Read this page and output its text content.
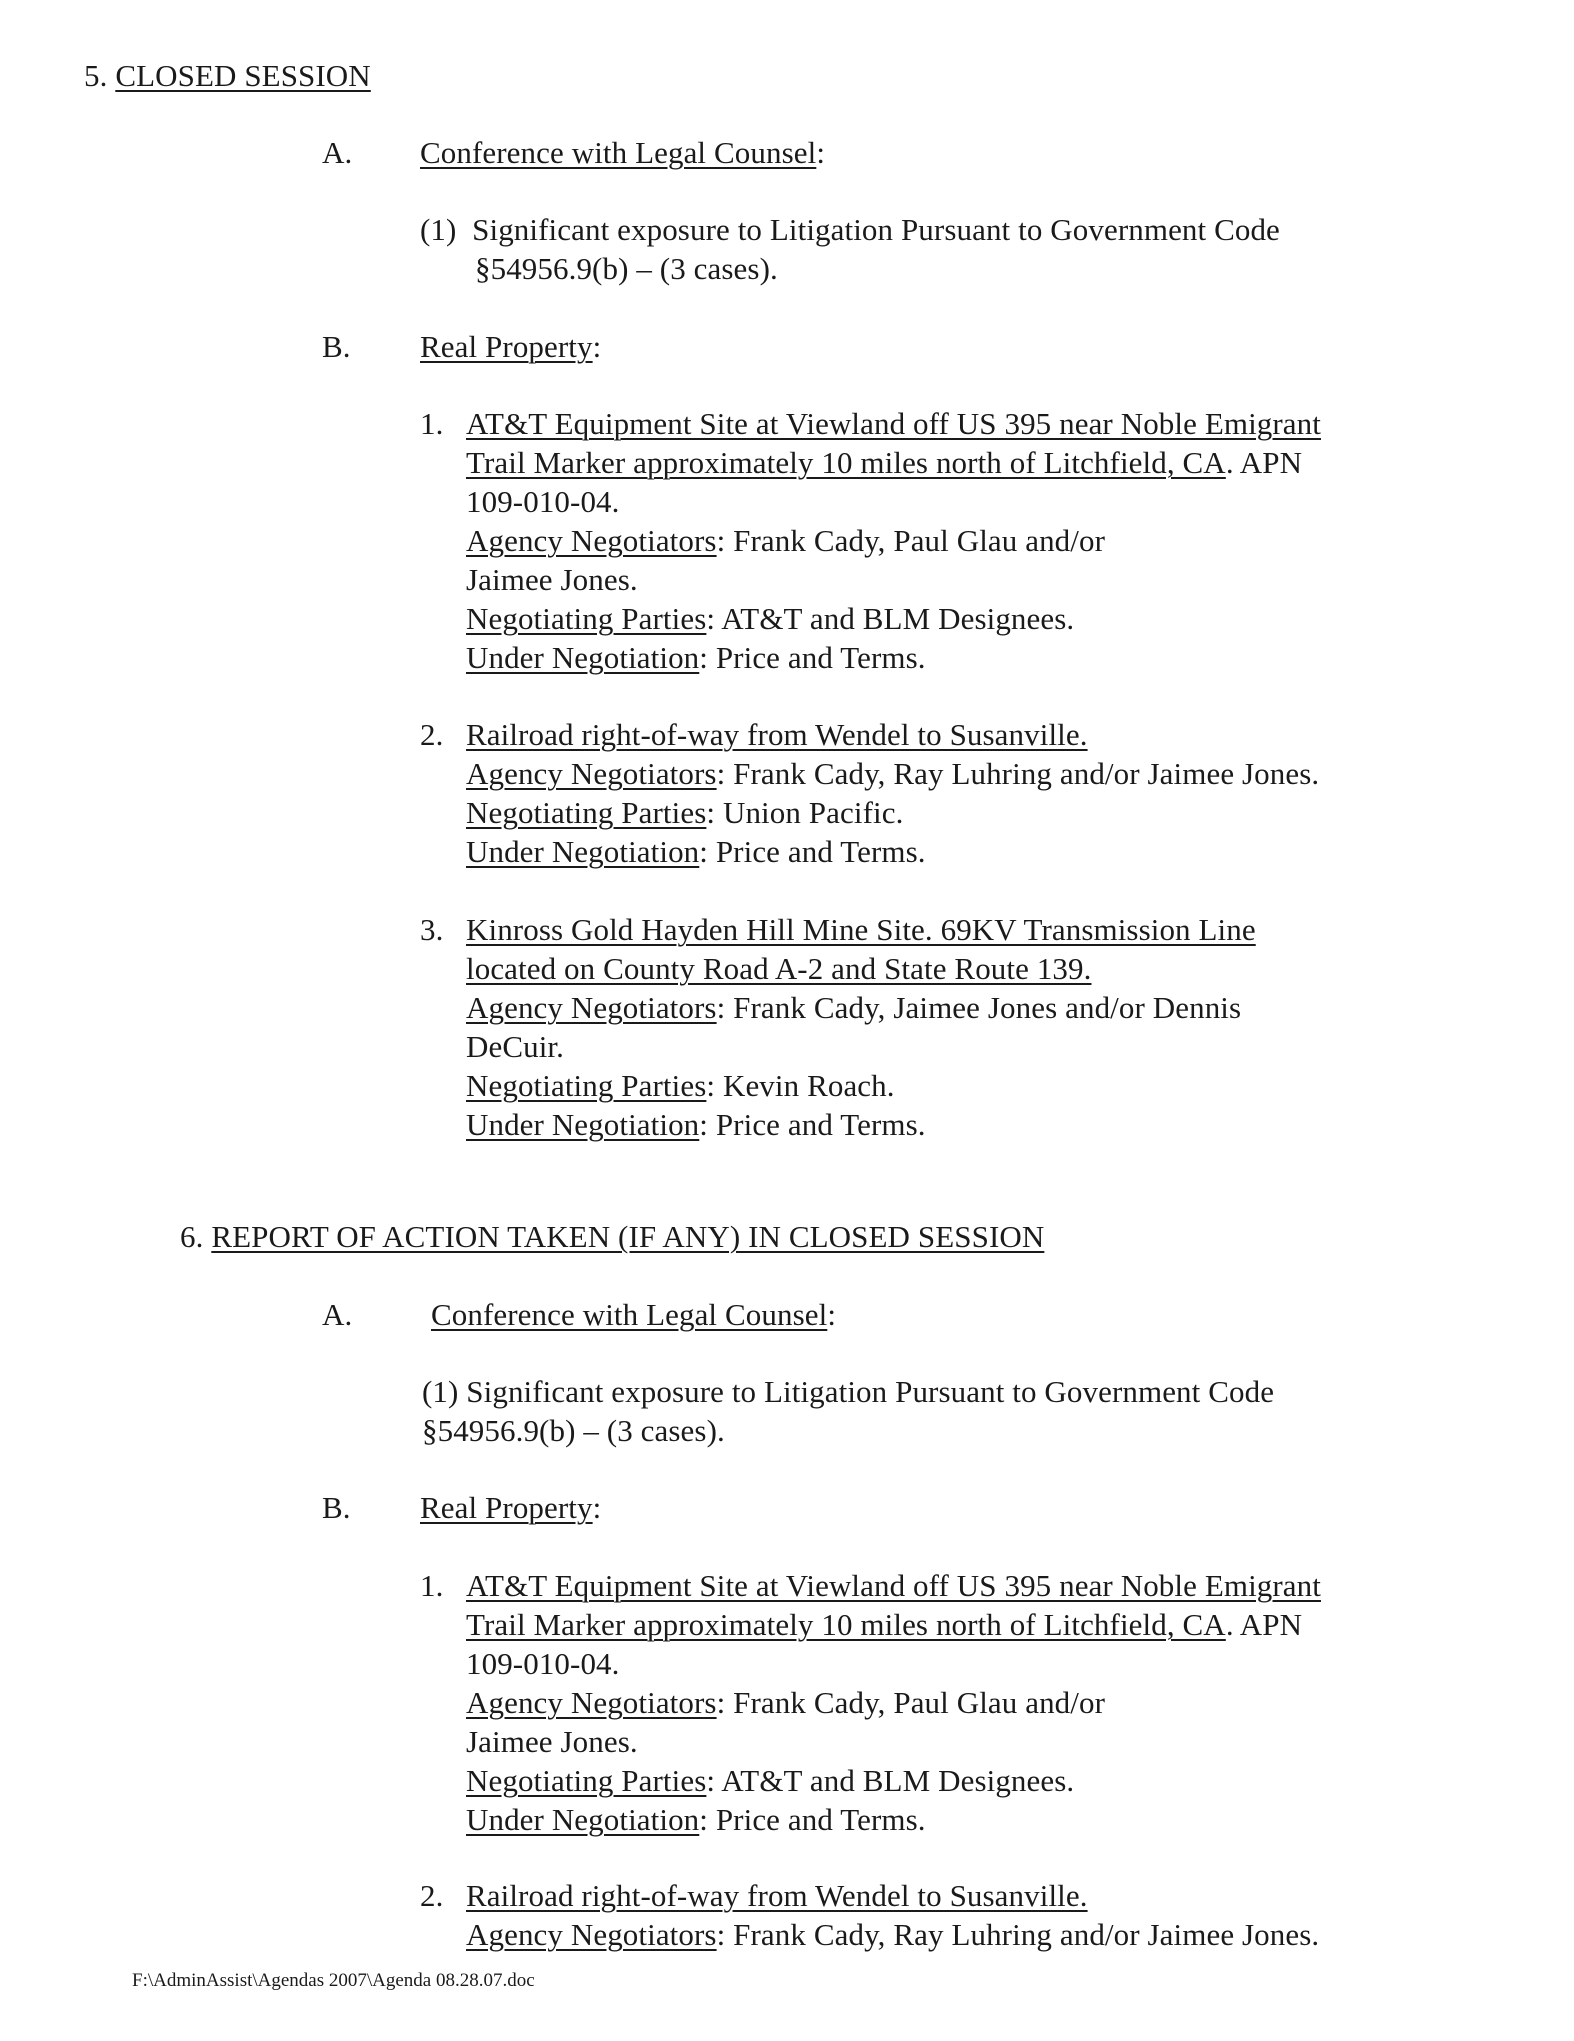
5. CLOSED SESSION
A. Conference with Legal Counsel:
(1) Significant exposure to Litigation Pursuant to Government Code
§54956.9(b) – (3 cases).
B. Real Property:
1. AT&T Equipment Site at Viewland off US 395 near Noble Emigrant
Trail Marker approximately 10 miles north of Litchfield, CA. APN
109-010-04.
Agency Negotiators: Frank Cady, Paul Glau and/or
Jaimee Jones.
Negotiating Parties: AT&T and BLM Designees.
Under Negotiation: Price and Terms.
2. Railroad right-of-way from Wendel to Susanville.
Agency Negotiators: Frank Cady, Ray Luhring and/or Jaimee Jones.
Negotiating Parties: Union Pacific.
Under Negotiation: Price and Terms.
3. Kinross Gold Hayden Hill Mine Site. 69KV Transmission Line
located on County Road A-2 and State Route 139.
Agency Negotiators: Frank Cady, Jaimee Jones and/or Dennis
DeCuir.
Negotiating Parties: Kevin Roach.
Under Negotiation: Price and Terms.
6. REPORT OF ACTION TAKEN (IF ANY) IN CLOSED SESSION
A.	Conference with Legal Counsel:
(1) Significant exposure to Litigation Pursuant to Government Code
§54956.9(b) – (3 cases).
B. Real Property:
1. AT&T Equipment Site at Viewland off US 395 near Noble Emigrant
Trail Marker approximately 10 miles north of Litchfield, CA. APN
109-010-04.
Agency Negotiators: Frank Cady, Paul Glau and/or
Jaimee Jones.
Negotiating Parties: AT&T and BLM Designees.
Under Negotiation: Price and Terms.
2. Railroad right-of-way from Wendel to Susanville.
Agency Negotiators: Frank Cady, Ray Luhring and/or Jaimee Jones.
F:\AdminAssist\Agendas 2007\Agenda 08.28.07.doc
